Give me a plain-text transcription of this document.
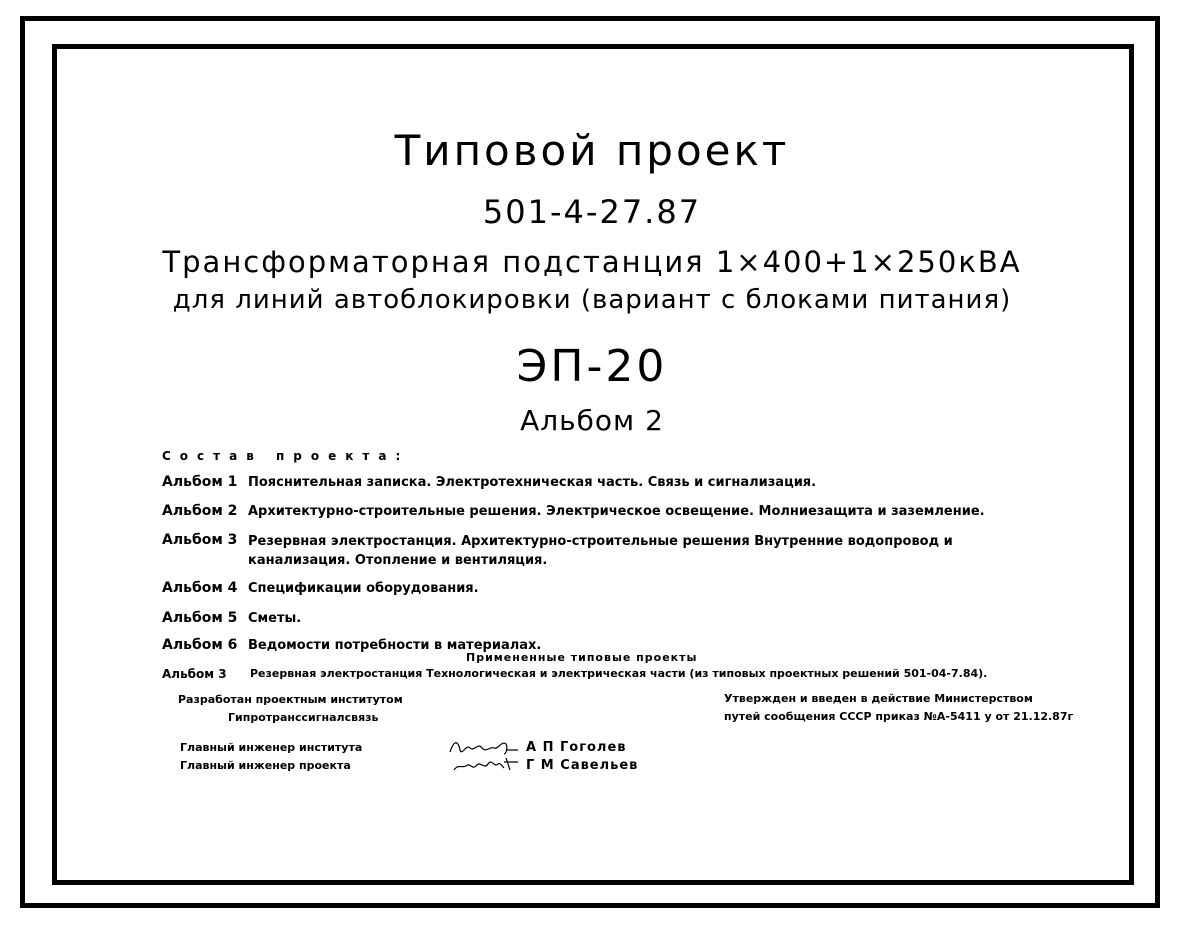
Типовой проект
501-4-27.87
Трансформаторная подстанция 1×400+1×250кВА
для линий автоблокировки (вариант с блоками питания)
ЭП-20
Альбом 2
Состав проекта:
Альбом 1 Пояснительная записка. Электротехническая часть. Связь и сигнализация.
Альбом 2 Архитектурно-строительные решения. Электрическое освещение. Молниезащита и заземление.
Альбом 3 Резервная электростанция. Архитектурно-строительные решения Внутренние водопровод и канализация. Отопление и вентиляция.
Альбом 4 Спецификации оборудования.
Альбом 5 Сметы.
Альбом 6 Ведомости потребности в материалах.
Примененные типовые проекты
Альбом 3 Резервная электростанция Технологическая и электрическая части (из типовых проектных решений 501-04-7.84).
Разработан проектным институтом
Гипротранссигналсвязь
Утвержден и введен в действие Министерством
путей сообщения СССР приказ №А-5411 у от 21.12.87г
Главный инженер института	А П Гоголев
Главный инженер проекта	Г М Савельев
